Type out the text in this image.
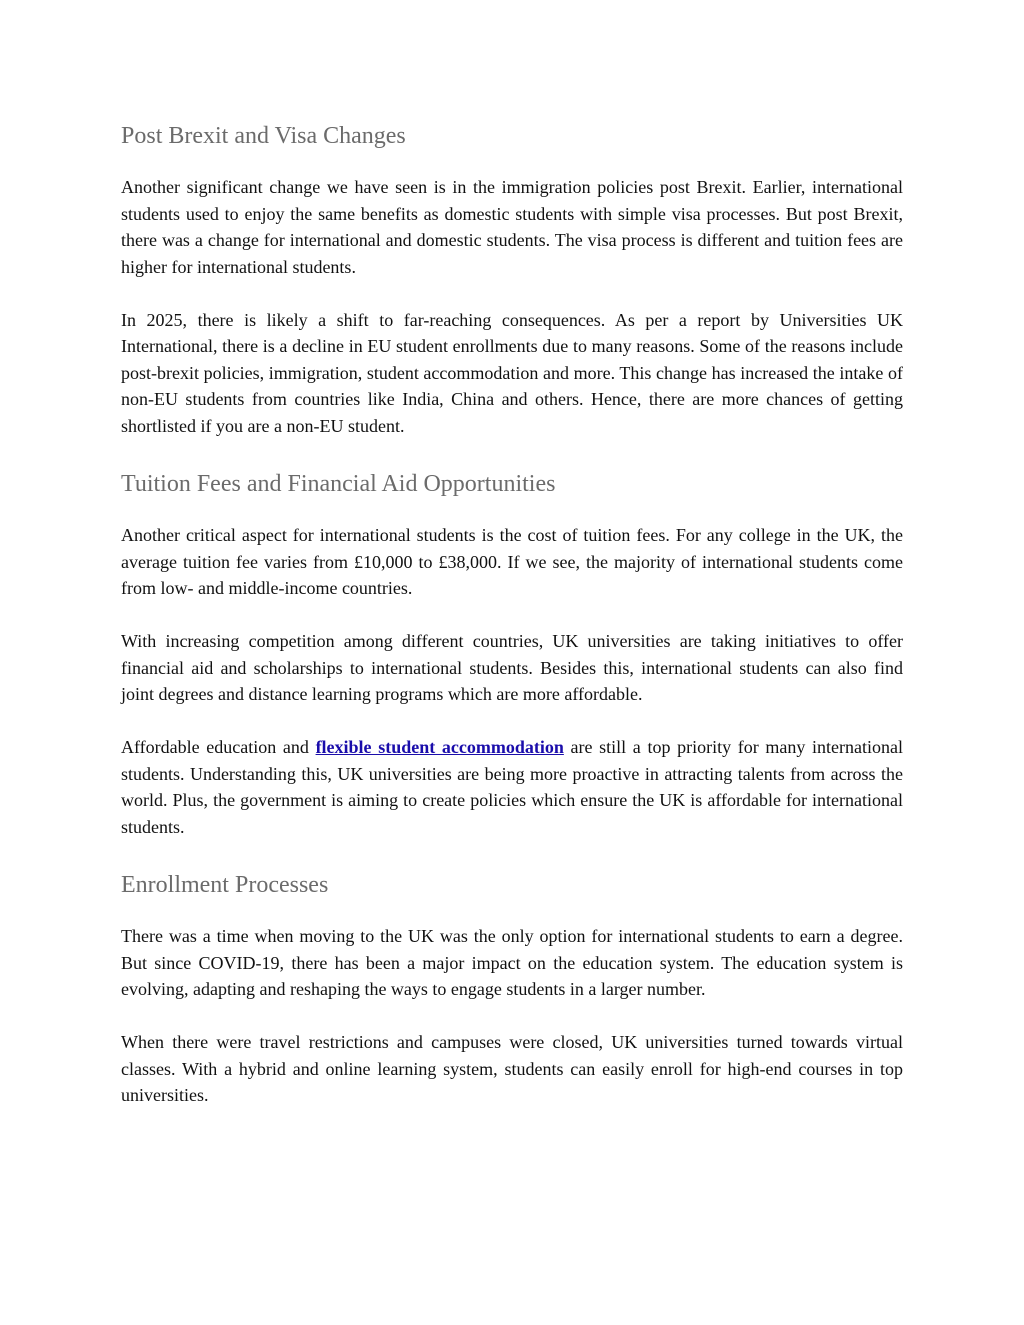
Post Brexit and Visa Changes

Another significant change we have seen is in the immigration policies post Brexit. Earlier, international students used to enjoy the same benefits as domestic students with simple visa processes. But post Brexit, there was a change for international and domestic students. The visa process is different and tuition fees are higher for international students.

In 2025, there is likely a shift to far-reaching consequences. As per a report by Universities UK International, there is a decline in EU student enrollments due to many reasons. Some of the reasons include post-brexit policies, immigration, student accommodation and more. This change has increased the intake of non-EU students from countries like India, China and others. Hence, there are more chances of getting shortlisted if you are a non-EU student.

Tuition Fees and Financial Aid Opportunities

Another critical aspect for international students is the cost of tuition fees. For any college in the UK, the average tuition fee varies from £10,000 to £38,000. If we see, the majority of international students come from low- and middle-income countries.

With increasing competition among different countries, UK universities are taking initiatives to offer financial aid and scholarships to international students. Besides this, international students can also find joint degrees and distance learning programs which are more affordable.

Affordable education and flexible student accommodation are still a top priority for many international students. Understanding this, UK universities are being more proactive in attracting talents from across the world. Plus, the government is aiming to create policies which ensure the UK is affordable for international students.

Enrollment Processes

There was a time when moving to the UK was the only option for international students to earn a degree. But since COVID-19, there has been a major impact on the education system. The education system is evolving, adapting and reshaping the ways to engage students in a larger number.

When there were travel restrictions and campuses were closed, UK universities turned towards virtual classes. With a hybrid and online learning system, students can easily enroll for high-end courses in top universities.
